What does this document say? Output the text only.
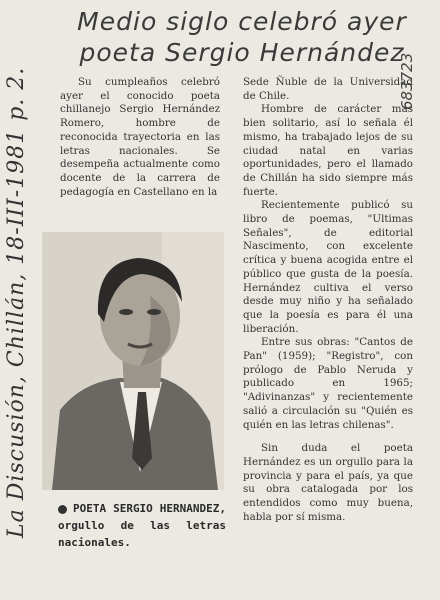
La Discusión, Chillán, 18-III-1981 p. 2.	683723
Medio siglo celebró ayer poeta Sergio Hernández

Su cumpleaños celebró ayer el conocido poeta chillanejo Sergio Hernández Romero, hombre de reconocida trayectoria en las letras nacionales. Se desempeña actualmente como docente de la carrera de pedagogía en Castellano en la

POETA SERGIO HERNANDEZ, orgullo de las letras nacionales.

Sede Ñuble de la Universidad de Chile.

Hombre de carácter más bien solitario, así lo señala él mismo, ha trabajado lejos de su ciudad natal en varias oportunidades, pero el llamado de Chillán ha sido siempre más fuerte.

Recientemente publicó su libro de poemas, "Ultimas Señales", de editorial Nascimento, con excelente crítica y buena acogida entre el público que gusta de la poesía. Hernández cultiva el verso desde muy niño y ha señalado que la poesía es para él una liberación.

Entre sus obras: "Cantos de Pan" (1959); "Registro", con prólogo de Pablo Neruda y publicado en 1965; "Adivinanzas" y recientemente salió a circulación su "Quién es quién en las letras chilenas".

Sin duda el poeta Hernández es un orgullo para la provincia y para el país, ya que su obra catalogada por los entendidos como muy buena, habla por sí misma.
